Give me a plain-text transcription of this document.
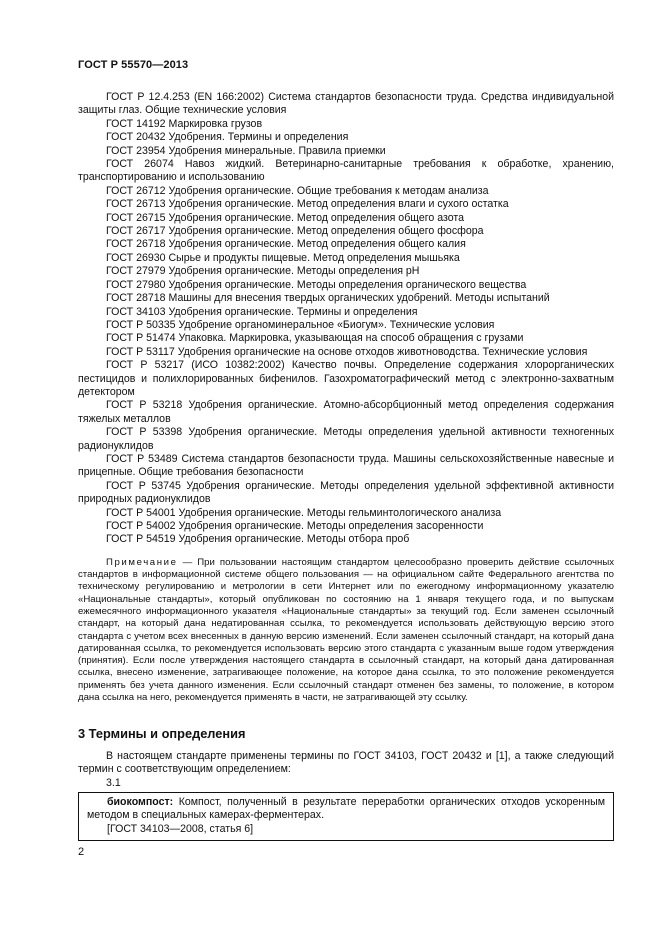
ГОСТ Р 55570—2013

ГОСТ Р 12.4.253 (EN 166:2002) Система стандартов безопасности труда. Средства индивидуальной защиты глаз. Общие технические условия

ГОСТ 14192 Маркировка грузов

ГОСТ 20432 Удобрения. Термины и определения

ГОСТ 23954 Удобрения минеральные. Правила приемки

ГОСТ 26074 Навоз жидкий. Ветеринарно-санитарные требования к обработке, хранению, транспортированию и использованию

ГОСТ 26712 Удобрения органические. Общие требования к методам анализа

ГОСТ 26713 Удобрения органические. Метод определения влаги и сухого остатка

ГОСТ 26715 Удобрения органические. Метод определения общего азота

ГОСТ 26717 Удобрения органические. Метод определения общего фосфора

ГОСТ 26718 Удобрения органические. Метод определения общего калия

ГОСТ 26930 Сырье и продукты пищевые. Метод определения мышьяка

ГОСТ 27979 Удобрения органические. Методы определения pH

ГОСТ 27980 Удобрения органические. Методы определения органического вещества

ГОСТ 28718 Машины для внесения твердых органических удобрений. Методы испытаний

ГОСТ 34103 Удобрения органические. Термины и определения

ГОСТ Р 50335 Удобрение органоминеральное «Биогум». Технические условия

ГОСТ Р 51474 Упаковка. Маркировка, указывающая на способ обращения с грузами

ГОСТ Р 53117 Удобрения органические на основе отходов животноводства. Технические условия

ГОСТ Р 53217 (ИСО 10382:2002) Качество почвы. Определение содержания хлорорганических пестицидов и полихлорированных бифенилов. Газохроматографический метод с электронно-захватным детектором

ГОСТ Р 53218 Удобрения органические. Атомно-абсорбционный метод определения содержания тяжелых металлов

ГОСТ Р 53398 Удобрения органические. Методы определения удельной активности техногенных радионуклидов

ГОСТ Р 53489 Система стандартов безопасности труда. Машины сельскохозяйственные навесные и прицепные. Общие требования безопасности

ГОСТ Р 53745 Удобрения органические. Методы определения удельной эффективной активности природных радионуклидов

ГОСТ Р 54001 Удобрения органические. Методы гельминтологического анализа

ГОСТ Р 54002 Удобрения органические. Методы определения засоренности

ГОСТ Р 54519 Удобрения органические. Методы отбора проб

Примечание — При пользовании настоящим стандартом целесообразно проверить действие ссылочных стандартов в информационной системе общего пользования — на официальном сайте Федерального агентства по техническому регулированию и метрологии в сети Интернет или по ежегодному информационному указателю «Национальные стандарты», который опубликован по состоянию на 1 января текущего года, и по выпускам ежемесячного информационного указателя «Национальные стандарты» за текущий год. Если заменен ссылочный стандарт, на который дана недатированная ссылка, то рекомендуется использовать действующую версию этого стандарта с учетом всех внесенных в данную версию изменений. Если заменен ссылочный стандарт, на который дана датированная ссылка, то рекомендуется использовать версию этого стандарта с указанным выше годом утверждения (принятия). Если после утверждения настоящего стандарта в ссылочный стандарт, на который дана датированная ссылка, внесено изменение, затрагивающее положение, на которое дана ссылка, то это положение рекомендуется применять без учета данного изменения. Если ссылочный стандарт отменен без замены, то положение, в котором дана ссылка на него, рекомендуется применять в части, не затрагивающей эту ссылку.

3 Термины и определения

В настоящем стандарте применены термины по ГОСТ 34103, ГОСТ 20432 и [1], а также следующий термин с соответствующим определением:

3.1

биокомпост: Компост, полученный в результате переработки органических отходов ускоренным методом в специальных камерах-ферментерах.

[ГОСТ 34103—2008, статья 6]

2
